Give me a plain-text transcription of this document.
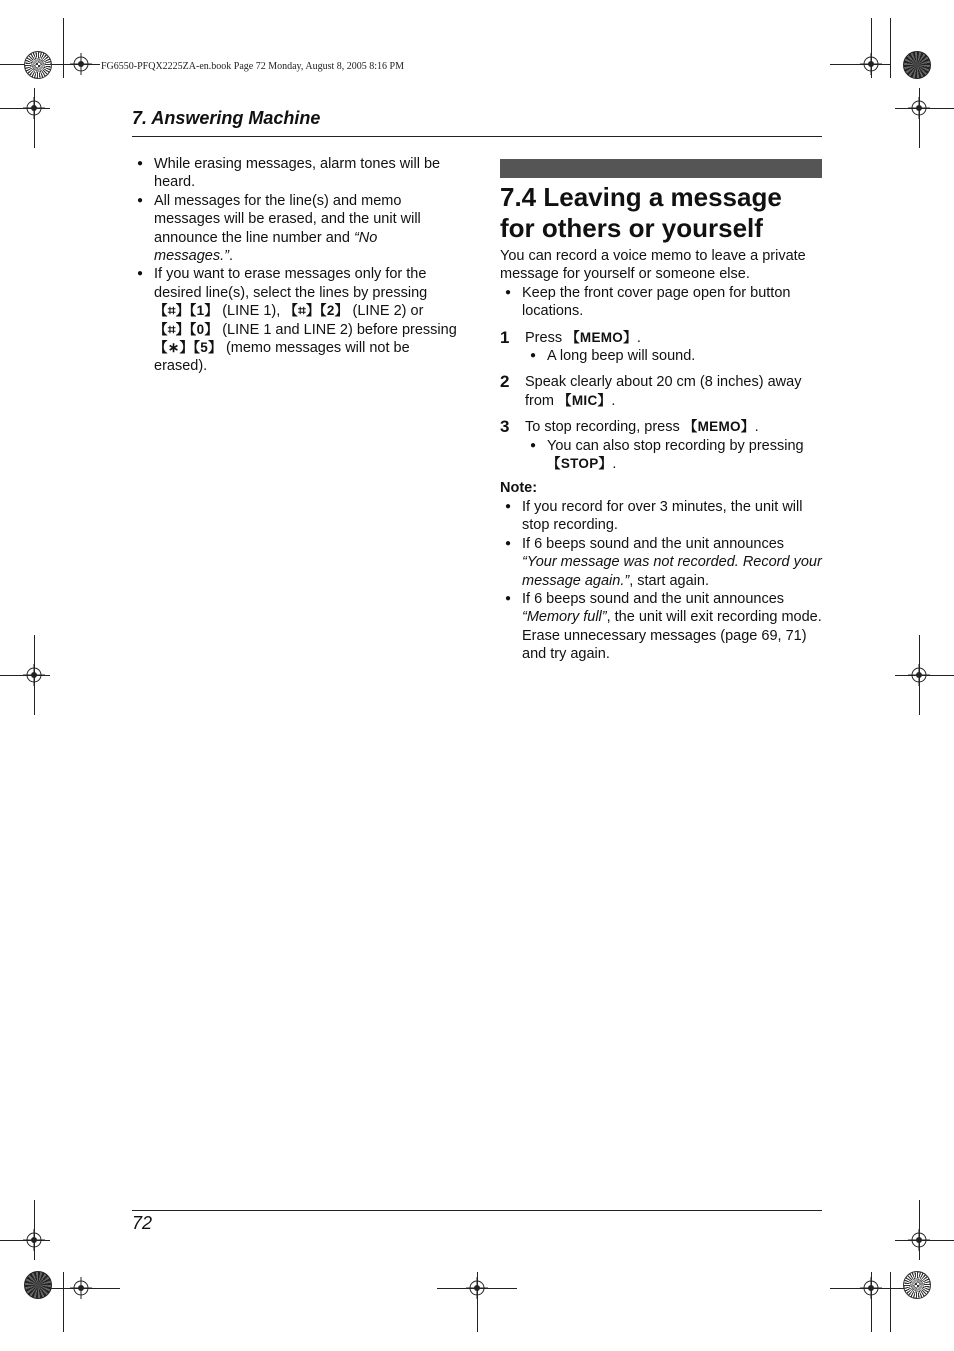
FG6550-PFQX2225ZA-en.book Page 72 Monday, August 8, 2005 8:16 PM
7. Answering Machine
● While erasing messages, alarm tones will be heard.
● All messages for the line(s) and memo messages will be erased, and the unit will announce the line number and “No messages.”.
● If you want to erase messages only for the desired line(s), select the lines by pressing 【⌗】【1】 (LINE 1), 【⌗】【2】 (LINE 2) or 【⌗】【0】 (LINE 1 and LINE 2) before pressing 【∗】【5】 (memo messages will not be erased).
7.4 Leaving a message for others or yourself

You can record a voice memo to leave a private message for yourself or someone else.

● Keep the front cover page open for button locations.
1	Press 【MEMO】.
● A long beep will sound.
2	Speak clearly about 20 cm (8 inches) away from 【MIC】.
3	To stop recording, press 【MEMO】.
● You can also stop recording by pressing 【STOP】.
Note:
● If you record for over 3 minutes, the unit will stop recording.
● If 6 beeps sound and the unit announces “Your message was not recorded. Record your message again.”, start again.
● If 6 beeps sound and the unit announces “Memory full”, the unit will exit recording mode. Erase unnecessary messages (page 69, 71) and try again.
72
